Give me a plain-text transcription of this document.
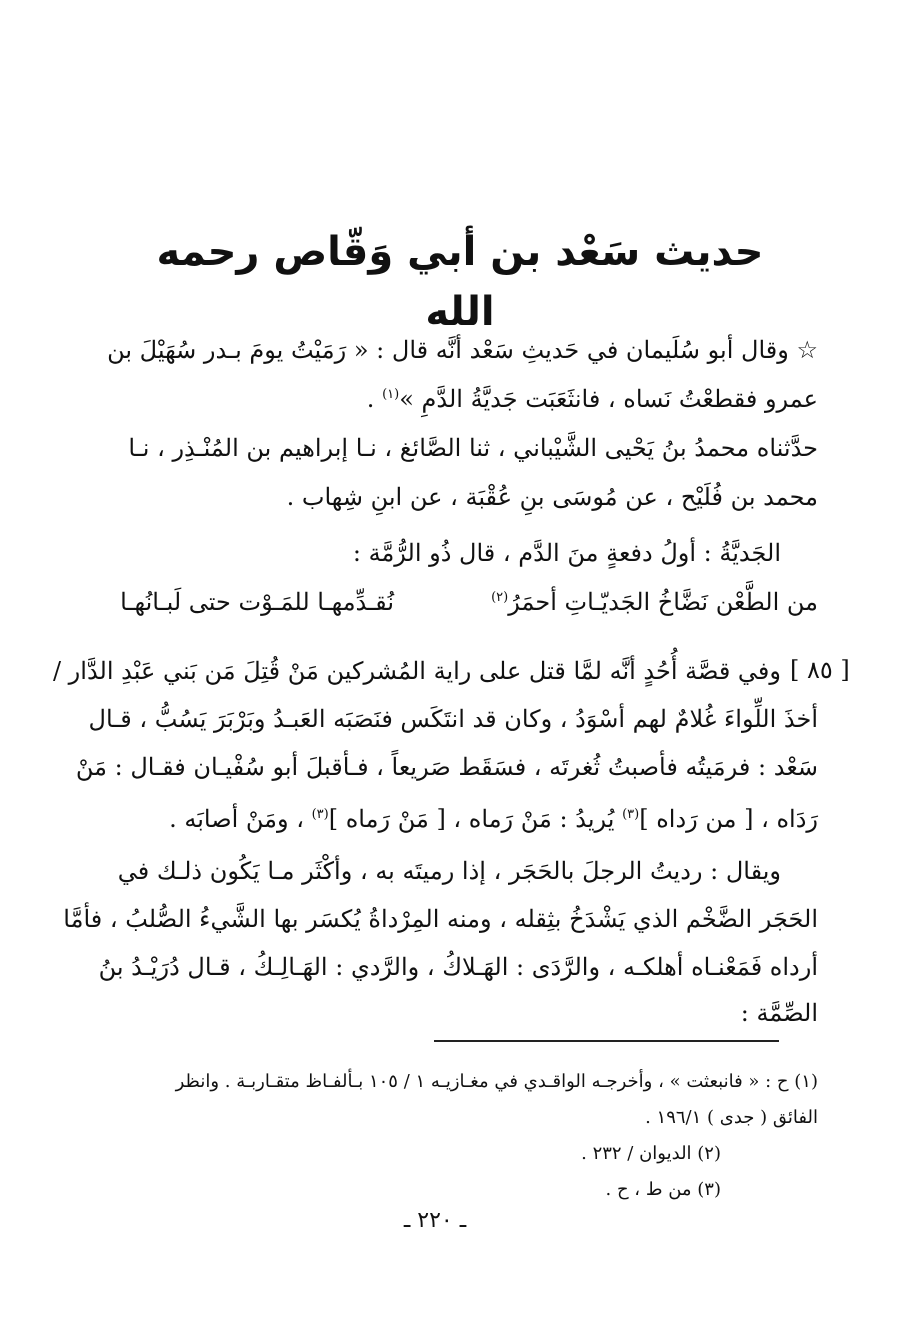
حديث سَعْد بن أبي وَقّاص رحمه الله
☆ وقال أبو سُلَيمان في حَديثِ سَعْد أنَّه قال : « رَمَيْتُ يومَ بـدر سُهَيْلَ بن
عمرو فقطعْتُ نَساه ، فانثَعَبَت جَديَّةُ الدَّمِ »$^{(١)}$ .
حدَّثناه محمدُ بنُ يَحْيى الشَّيْباني ، ثنا الصَّائغ ، نـا إبراهيم بن المُنْـذِر ، نـا
محمد بن فُلَيْح ، عن مُوسَى بنِ عُقْبَة ، عن ابنِ شِهاب .
الجَديَّةُ : أولُ دفعةٍ منَ الدَّم ، قال ذُو الرُّمَّة :
نُقـدِّمهـا للمَـوْت حتى لَبـانُهـا	من الطَّعْن نَضَّاخُ الجَديّـاتِ أحمَرُ$^{(٢)}$
[ ٨٥ ]
وفي قصَّة أُحُدٍ أنَّه لمَّا قتل على راية المُشركين مَنْ قُتِلَ مَن بَني عَبْدِ الدَّار /
أخذَ اللِّواءَ غُلامٌ لهم أسْوَدُ ، وكان قد انتَكَس فنَصَبَه العَبـدُ وبَرْبَرَ يَسُبُّ ، قـال
سَعْد : فرمَيتُه فأصبتُ ثُغرتَه ، فسَقَط صَريعاً ، فـأقبلَ أبو سُفْيـان فقـال : مَنْ
رَدَاه ، [ من رَداه ]$^{(٣)}$ يُريدُ : مَنْ رَماه ، [ مَنْ رَماه ]$^{(٣)}$ ، ومَنْ أصابَه .
ويقال : رديتُ الرجلَ بالحَجَر ، إذا رميتَه به ، وأكْثَر مـا يَكُون ذلـك في
الحَجَر الضَّخْم الذي يَشْدَخُ بثِقله ، ومنه المِرْداةُ يُكسَر بها الشَّيءُ الصُّلبُ ، فأمَّا
أرداه فَمَعْنـاه أهلكـه ، والرَّدَى : الهَـلاكُ ، والرَّدي : الهَـالِـكُ ، قـال دُرَيْـدُ بنُ
الصِّمَّة :
(١) ح : « فانبعثت » ، وأخرجـه الواقـدي في مغـازيـه ١ / ١٠٥ بـألفـاظ متقـاربـة . وانظر
الفائق ( جدى ) ١٩٦/١ .
(٢) الديوان / ٢٣٢ .
(٣) من ط ، ح .
ـ ٢٢٠ ـ
